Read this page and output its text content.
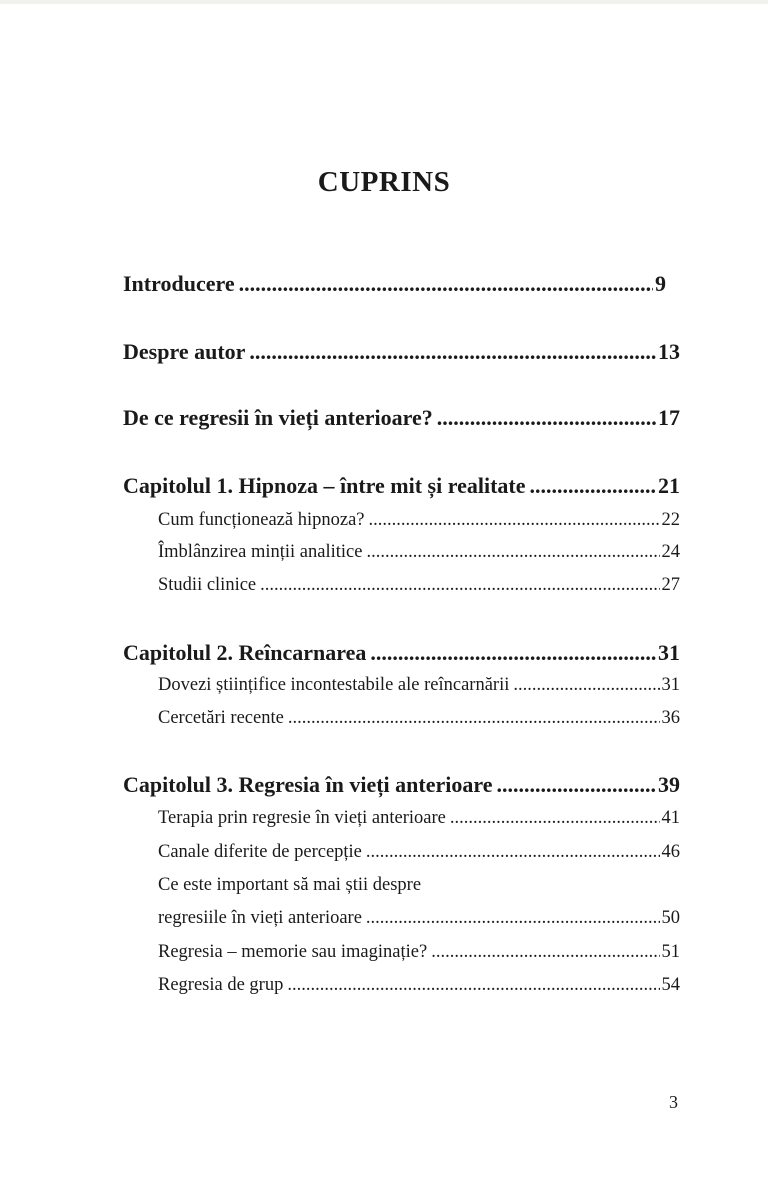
CUPRINS
Introducere .....	9
Despre autor .....	13
De ce regresii în vieți anterioare? .....	17
Capitolul 1. Hipnoza – între mit și realitate .....	21
Cum funcționează hipnoza? .....	22
Îmblânzirea minții analitice .....	24
Studii clinice .....	27
Capitolul 2. Reîncarnarea .....	31
Dovezi științifice incontestabile ale reîncarnării .....	31
Cercetări recente .....	36
Capitolul 3. Regresia în vieți anterioare .....	39
Terapia prin regresie în vieți anterioare .....	41
Canale diferite de percepție .....	46
Ce este important să mai știi despre
regresiile în vieți anterioare .....	50
Regresia – memorie sau imaginație? .....	51
Regresia de grup .....	54
3
